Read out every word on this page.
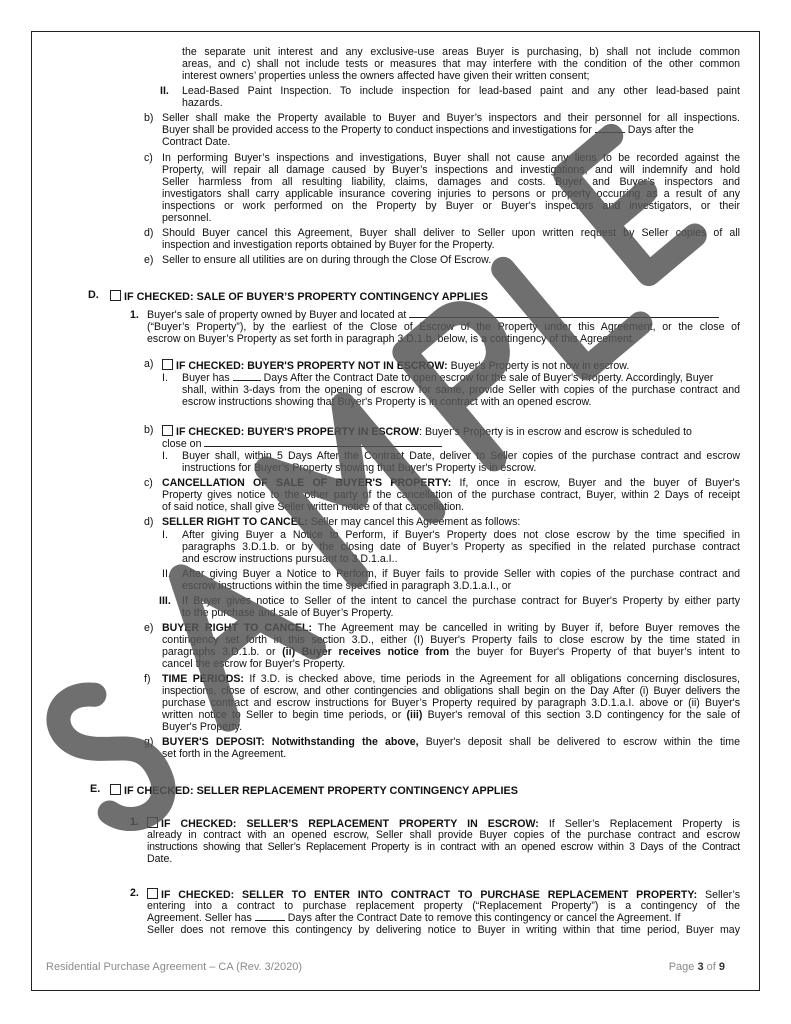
the separate unit interest and any exclusive-use areas Buyer is purchasing, b) shall not include common
areas, and c) shall not include tests or measures that may interfere with the condition of the other common
interest owners’ properties unless the owners affected have given their written consent;
II. Lead-Based Paint Inspection. To include inspection for lead-based paint and any other lead-based paint
hazards.
b) Seller shall make the Property available to Buyer and Buyer’s inspectors and their personnel for all inspections.
Buyer shall be provided access to the Property to conduct inspections and investigations for	Days after the
Contract Date.
c) In performing Buyer’s inspections and investigations, Buyer shall not cause any liens to be recorded against the
Property, will repair all damage caused by Buyer’s inspections and investigations, and will indemnify and hold
Seller harmless from all resulting liability, claims, damages and costs. Buyer and Buyer’s inspectors and
investigators shall carry applicable insurance covering injuries to persons or property occurring as a result of any
inspections or work performed on the Property by Buyer or Buyer's inspectors and investigators, or their
personnel.
d) Should Buyer cancel this Agreement, Buyer shall deliver to Seller upon written request by Seller copies of all
inspection and investigation reports obtained by Buyer for the Property.
e) Seller to ensure all utilities are on during through the Close Of Escrow.
D.	IF CHECKED: SALE OF BUYER’S PROPERTY CONTINGENCY APPLIES
1. Buyer's sale of property owned by Buyer and located at
(“Buyer’s Property”), by the earliest of the Close of Escrow of the Property under this Agreement, or the close of
escrow on Buyer’s Property as set forth in paragraph 3.D.1.b. below, is a contingency of this Agreement.
a)	IF CHECKED: BUYER'S PROPERTY NOT IN ESCROW: Buyer's Property is not now in escrow.
I. Buyer has	Days After the Contract Date to open escrow for the sale of Buyer's Property. Accordingly, Buyer
shall, within 3-days from the opening of escrow for same, provide Seller with copies of the purchase contract and
escrow instructions showing that Buyer's Property is in contract with an opened escrow.
b)	IF CHECKED: BUYER'S PROPERTY IN ESCROW: Buyer's Property is in escrow and escrow is scheduled to
close on
I. Buyer shall, within 5 Days After the Contract Date, deliver to Seller copies of the purchase contract and escrow
instructions for Buyer’s Property showing that Buyer's Property is in escrow.
c) CANCELLATION OF SALE OF BUYER'S PROPERTY: If, once in escrow, Buyer and the buyer of Buyer's
Property gives notice to the other party of the cancellation of the purchase contract, Buyer, within 2 Days of receipt
of said notice, shall give Seller written notice of that cancellation.
d) SELLER RIGHT TO CANCEL: Seller may cancel this Agreement as follows:
I. After giving Buyer a Notice to Perform, if Buyer's Property does not close escrow by the time specified in
paragraphs 3.D.1.b. or by the closing date of Buyer’s Property as specified in the related purchase contract
and escrow instructions pursuant to 3.D.1.a.I..
II. After giving Buyer a Notice to Perform, if Buyer fails to provide Seller with copies of the purchase contract and
escrow instructions within the time specified in paragraph 3.D.1.a.I., or
III. If Buyer gives notice to Seller of the intent to cancel the purchase contract for Buyer's Property by either party
to the purchase and sale of Buyer’s Property.
e) BUYER RIGHT TO CANCEL: The Agreement may be cancelled in writing by Buyer if, before Buyer removes the
contingency set forth in this section 3.D., either (I) Buyer's Property fails to close escrow by the time stated in
paragraphs 3.D.1.b. or (ii) Buyer receives notice from the buyer for Buyer's Property of that buyer’s intent to
cancel the escrow for Buyer's Property.
f) TIME PERIODS: If 3.D. is checked above, time periods in the Agreement for all obligations concerning disclosures,
inspections, close of escrow, and other contingencies and obligations shall begin on the Day After (i) Buyer delivers the
purchase contract and escrow instructions for Buyer’s Property required by paragraph 3.D.1.a.I. above or (ii) Buyer's
written notice to Seller to begin time periods, or (iii) Buyer's removal of this section 3.D contingency for the sale of
Buyer's Property.
g) BUYER'S DEPOSIT: Notwithstanding the above, Buyer's deposit shall be delivered to escrow within the time
set forth in the Agreement.
E.	IF CHECKED: SELLER REPLACEMENT PROPERTY CONTINGENCY APPLIES
1.	IF CHECKED: SELLER’S REPLACEMENT PROPERTY IN ESCROW: If Seller’s Replacement Property is
already in contract with an opened escrow, Seller shall provide Buyer copies of the purchase contract and escrow
instructions showing that Seller’s Replacement Property is in contract with an opened escrow within 3 Days of the Contract
Date.
2.	IF CHECKED: SELLER TO ENTER INTO CONTRACT TO PURCHASE REPLACEMENT PROPERTY: Seller’s
entering into a contract to purchase replacement property (“Replacement Property”) is a contingency of the
Agreement. Seller has	Days after the Contract Date to remove this contingency or cancel the Agreement. If
Seller does not remove this contingency by delivering notice to Buyer in writing within that time period, Buyer may
Residential Purchase Agreement – CA (Rev. 3/2020)	Page 3 of 9
